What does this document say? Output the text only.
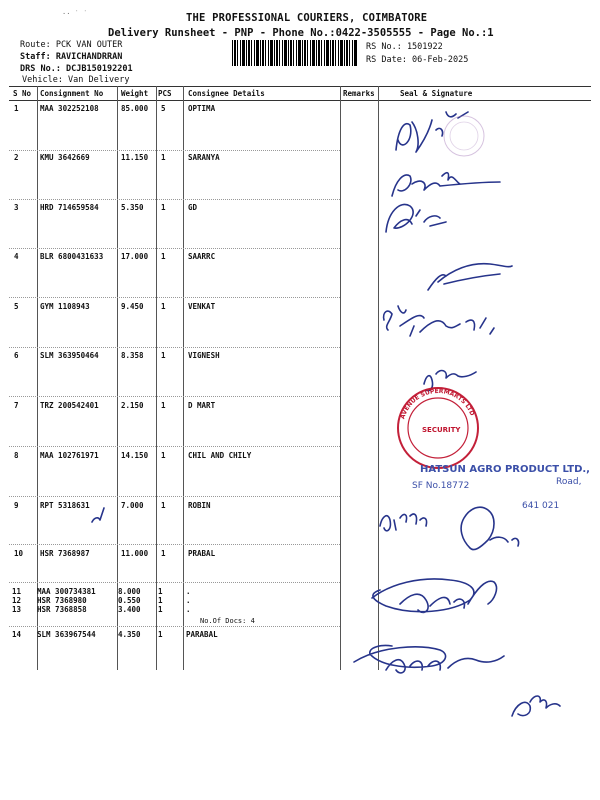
·· ˙ ˙	THE PROFESSIONAL COURIERS, COIMBATORE
Delivery Runsheet - PNP - Phone No.:0422-3505555 - Page No.:1
Route: PCK VAN OUTER
Staff: RAVICHANDRRAN
DRS No.: DCJB150192201
Vehicle: Van Delivery
RS No.: 1501922
RS Date: 06-Feb-2025
S No Consignment No Weight PCS Consignee Details	Remarks	Seal & Signature
1	MAA 302252108	85.000 5	OPTIMA
2	KMU 3642669	11.150 1	SARANYA
3	HRD 714659584	5.350 1	GD
4	BLR 6800431633 17.000 1	SAARRC
5	GYM 1108943	9.450 1	VENKAT
6	SLM 363950464	8.358 1	VIGNESH
7	TRZ 200542401	2.150 1	D MART
8	MAA 102761971	14.150 1	CHIL AND CHILY
9	RPT 5318631	7.000 1	ROBIN
10 HSR 7368987	11.000 1	PRABAL
11 MAA 300734381	8.000 1	.
12 HSR 7368980	0.550 1	.
13 HSR 7368858	3.400 1	.
No.Of Docs: 4
14 SLM 363967544	4.350 1	PARABAL
AVENUE SUPERMARTS LTD
SECURITY
HATSUN AGRO PRODUCT LTD.,
SF No.18772	Road,
641 021
